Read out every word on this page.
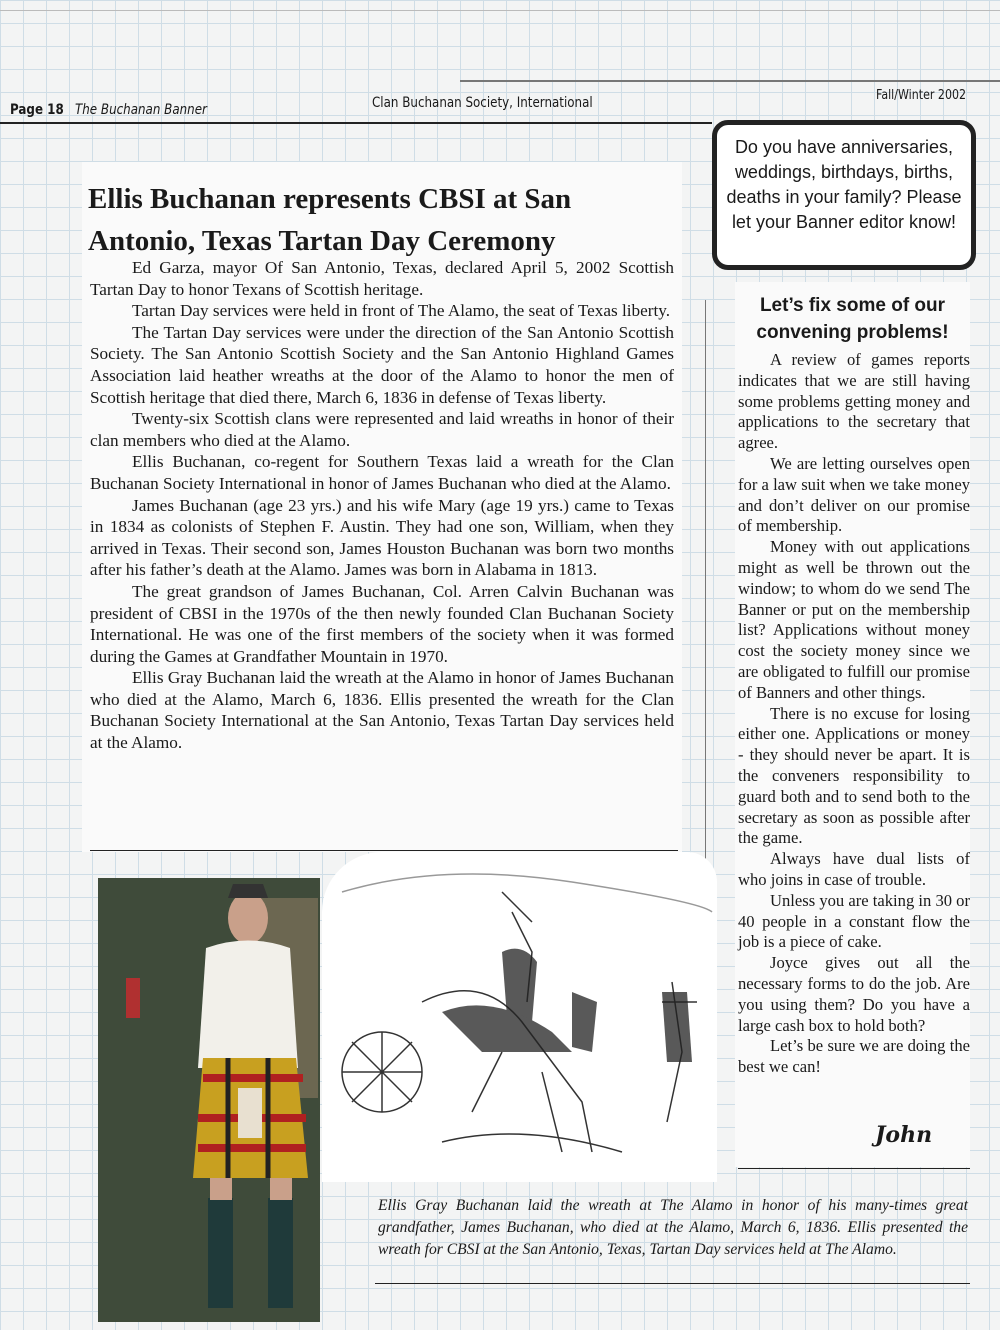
Page 18 The Buchanan Banner	Clan Buchanan Society, International	Fall/Winter 2002
Ellis Buchanan represents CBSI at San Antonio, Texas Tartan Day Ceremony

Ed Garza, mayor Of San Antonio, Texas, declared April 5, 2002 Scottish Tartan Day to honor Texans of Scottish heritage.

Tartan Day services were held in front of The Alamo, the seat of Texas liberty.

The Tartan Day services were under the direction of the San Antonio Scottish Society. The San Antonio Scottish Society and the San Antonio Highland Games Association laid heather wreaths at the door of the Alamo to honor the men of Scottish heritage that died there, March 6, 1836 in defense of Texas liberty.

Twenty-six Scottish clans were represented and laid wreaths in honor of their clan members who died at the Alamo.

Ellis Buchanan, co-regent for Southern Texas laid a wreath for the Clan Buchanan Society International in honor of James Buchanan who died at the Alamo.

James Buchanan (age 23 yrs.) and his wife Mary (age 19 yrs.) came to Texas in 1834 as colonists of Stephen F. Austin. They had one son, William, when they arrived in Texas. Their second son, James Houston Buchanan was born two months after his father’s death at the Alamo. James was born in Alabama in 1813.

The great grandson of James Buchanan, Col. Arren Calvin Buchanan was president of CBSI in the 1970s of the then newly founded Clan Buchanan Society International. He was one of the first members of the society when it was formed during the Games at Grandfather Mountain in 1970.

Ellis Gray Buchanan laid the wreath at the Alamo in honor of James Buchanan who died at the Alamo, March 6, 1836. Ellis presented the wreath for the Clan Buchanan Society International at the San Antonio, Texas Tartan Day services held at the Alamo.

Do you have anniversaries, weddings, birthdays, births, deaths in your family? Please let your Banner editor know!
Let’s fix some of our convening problems!

A review of games reports indicates that we are still having some problems getting money and applications to the secretary that agree.

We are letting ourselves open for a law suit when we take money and don’t deliver on our promise of membership.

Money with out applications might as well be thrown out the window; to whom do we send The Banner or put on the membership list? Applications without money cost the society money since we are obligated to fulfill our promise of Banners and other things.

There is no excuse for losing either one. Applications or money - they should never be apart. It is the conveners responsibility to guard both and to send both to the secretary as soon as possible after the game.

Always have dual lists of who joins in case of trouble.

Unless you are taking in 30 or 40 people in a constant flow the job is a piece of cake.

Joyce gives out all the necessary forms to do the job. Are you using them? Do you have a large cash box to hold both?

Let’s be sure we are doing the best we can!

John
Ellis Gray Buchanan laid the wreath at The Alamo in honor of his many-times great grandfather, James Buchanan, who died at the Alamo, March 6, 1836. Ellis presented the wreath for CBSI at the San Antonio, Texas, Tartan Day services held at The Alamo.
